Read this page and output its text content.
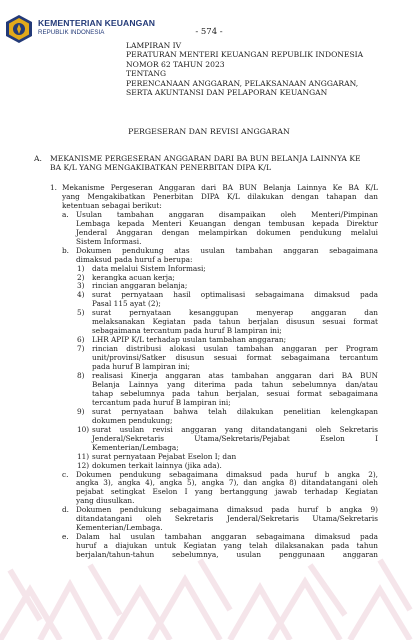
KEMENTERIAN KEUANGAN
REPUBLIK INDONESIA	- 574 -
LAMPIRAN IV
PERATURAN MENTERI KEUANGAN REPUBLIK INDONESIA
NOMOR 62 TAHUN 2023
TENTANG
PERENCANAAN ANGGARAN, PELAKSANAAN ANGGARAN,
SERTA AKUNTANSI DAN PELAPORAN KEUANGAN
PERGESERAN DAN REVISI ANGGARAN
A. MEKANISME PERGESERAN ANGGARAN DARI BA BUN BELANJA LAINNYA KE
BA K/L YANG MENGAKIBATKAN PENERBITAN DIPA K/L
1. Mekanisme Pergeseran Anggaran dari BA BUN Belanja Lainnya Ke BA K/L
yang Mengakibatkan Penerbitan DIPA K/L dilakukan dengan tahapan dan
ketentuan sebagai berikut:
a. Usulan tambahan anggaran disampaikan oleh Menteri/Pimpinan
Lembaga kepada Menteri Keuangan dengan tembusan kepada Direktur
Jenderal Anggaran dengan melampirkan dokumen pendukung melalui
Sistem Informasi.
b. Dokumen pendukung atas usulan tambahan anggaran sebagaimana
dimaksud pada huruf a berupa:
1) data melalui Sistem Informasi;
2) kerangka acuan kerja;
3) rincian anggaran belanja;
4) surat pernyataan hasil optimalisasi sebagaimana dimaksud pada
Pasal 115 ayat (2);
5) surat pernyataan kesanggupan menyerap anggaran dan
melaksanakan Kegiatan pada tahun berjalan disusun sesuai format
sebagaimana tercantum pada huruf B lampiran ini;
6) LHR APIP K/L terhadap usulan tambahan anggaran;
7) rincian distribusi alokasi usulan tambahan anggaran per Program
unit/provinsi/Satker disusun sesuai format sebagaimana tercantum
pada huruf B lampiran ini;
8) realisasi Kinerja anggaran atas tambahan anggaran dari BA BUN
Belanja Lainnya yang diterima pada tahun sebelumnya dan/atau
tahap sebelumnya pada tahun berjalan, sesuai format sebagaimana
tercantum pada huruf B lampiran ini;
9) surat pernyataan bahwa telah dilakukan penelitian kelengkapan
dokumen pendukung;
10) surat usulan revisi anggaran yang ditandatangani oleh Sekretaris
Jenderal/Sekretaris Utama/Sekretaris/Pejabat Eselon I
Kementerian/Lembaga;
11) surat pernyataan Pejabat Eselon I; dan
12) dokumen terkait lainnya (jika ada).
c. Dokumen pendukung sebagaimana dimaksud pada huruf b angka 2),
angka 3), angka 4), angka 5), angka 7), dan angka 8) ditandatangani oleh
pejabat setingkat Eselon I yang bertanggung jawab terhadap Kegiatan
yang diusulkan.
d. Dokumen pendukung sebagaimana dimaksud pada huruf b angka 9)
ditandatangani oleh Sekretaris Jenderal/Sekretaris Utama/Sekretaris
Kementerian/Lembaga.
e. Dalam hal usulan tambahan anggaran sebagaimana dimaksud pada
huruf a diajukan untuk Kegiatan yang telah dilaksanakan pada tahun
berjalan/tahun-tahun sebelumnya, usulan penggunaan anggaran
